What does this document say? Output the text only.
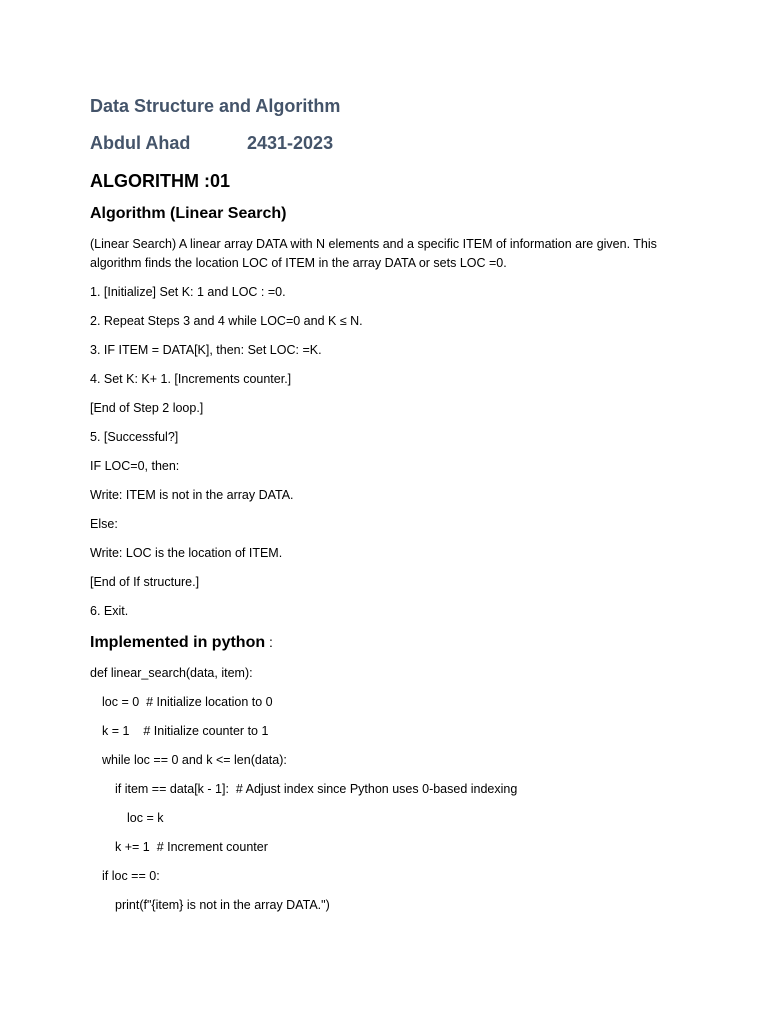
Data Structure and Algorithm
Abdul Ahad	2431-2023
ALGORITHM :01
Algorithm (Linear Search)
(Linear Search) A linear array DATA with N elements and a specific ITEM of information are given. This algorithm finds the location LOC of ITEM in the array DATA or sets LOC =0.
1. [Initialize] Set K: 1 and LOC : =0.
2. Repeat Steps 3 and 4 while LOC=0 and K ≤ N.
3. IF ITEM = DATA[K], then: Set LOC: =K.
4. Set K: K+ 1. [Increments counter.]
[End of Step 2 loop.]
5. [Successful?]
IF LOC=0, then:
Write: ITEM is not in the array DATA.
Else:
Write: LOC is the location of ITEM.
[End of If structure.]
6. Exit.
Implemented in python :
def linear_search(data, item):
loc = 0  # Initialize location to 0
k = 1    # Initialize counter to 1
while loc == 0 and k <= len(data):
if item == data[k - 1]:  # Adjust index since Python uses 0-based indexing
loc = k
k += 1  # Increment counter
if loc == 0:
print(f"{item} is not in the array DATA.")
